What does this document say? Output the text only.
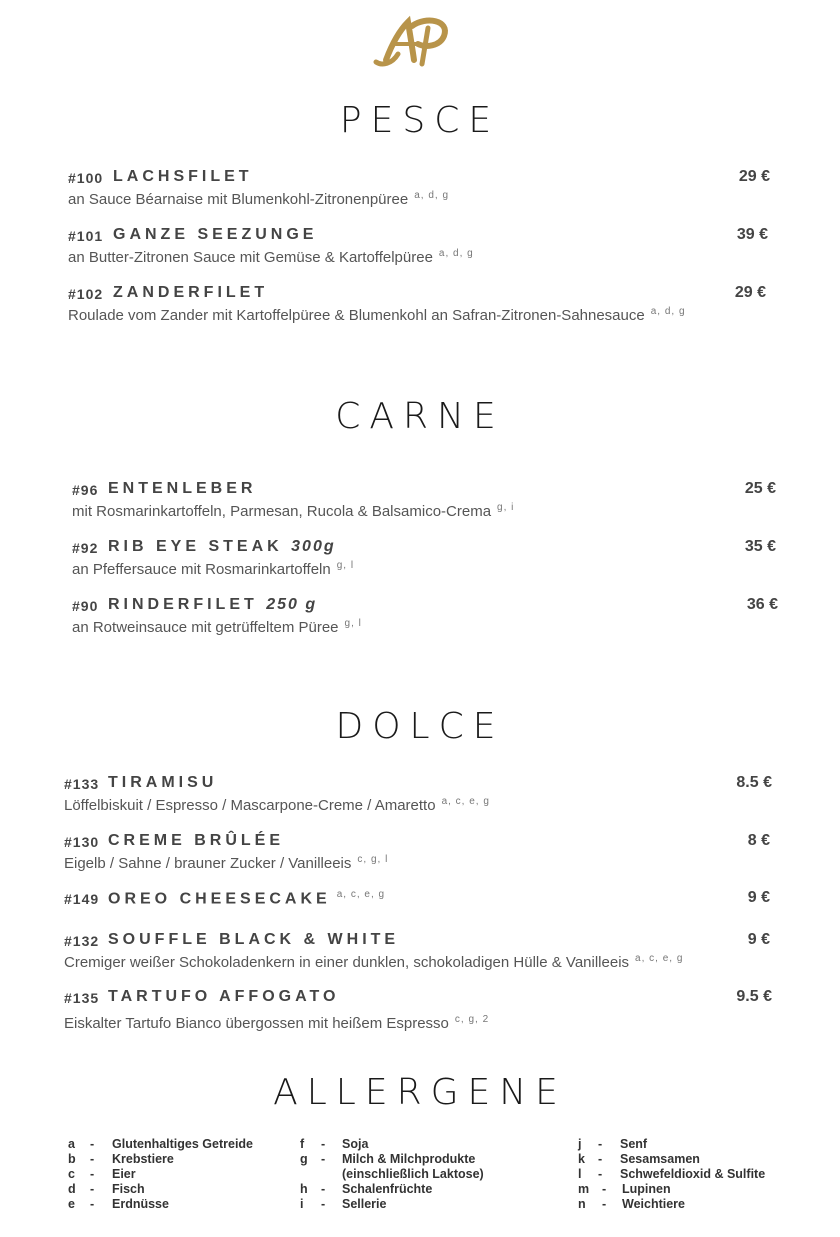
PESCE
#100 LACHSFILET	29 €
an Sauce Béarnaise mit Blumenkohl-Zitronenpüree $^{a, d, g}$
#101 GANZE SEEZUNGE	39 €
an Butter-Zitronen Sauce mit Gemüse & Kartoffelpüree $^{a, d, g}$
#102 ZANDERFILET	29 €
Roulade vom Zander mit Kartoffelpüree & Blumenkohl an Safran-Zitronen-Sahnesauce $^{a, d, g}$
CARNE
#96 ENTENLEBER	25 €
mit Rosmarinkartoffeln, Parmesan, Rucola & Balsamico-Crema $^{g, i}$
#92 RIB EYE STEAK 300g	35 €
an Pfeffersauce mit Rosmarinkartoffeln $^{g, l}$
#90 RINDERFILET 250 g	36 €
an Rotweinsauce mit getrüffeltem Püree $^{g, l}$
DOLCE
#133 TIRAMISU	8.5 €
Löffelbiskuit / Espresso / Mascarpone-Creme / Amaretto $^{a, c, e, g}$
#130 CREME BRÛLÉE	8 €
Eigelb / Sahne / brauner Zucker / Vanilleeis $^{c, g, l}$
#149 OREO CHEESECAKE $^{a, c, e, g}$	9 €
#132 SOUFFLE BLACK & WHITE	9 €
Cremiger weißer Schokoladenkern in einer dunklen, schokoladigen Hülle & Vanilleeis $^{a, c, e, g}$
#135 TARTUFO AFFOGATO	9.5 €
Eiskalter Tartufo Bianco übergossen mit heißem Espresso $^{c, g, 2}$
ALLERGENE
a - Glutenhaltiges Getreide
b - Krebstiere
c - Eier
d - Fisch
e - Erdnüsse
f - Soja
g - Milch & Milchprodukte
(einschließlich Laktose)
h - Schalenfrüchte
i - Sellerie
j - Senf
k - Sesamsamen
l - Schwefeldioxid & Sulfite
m - Lupinen
n - Weichtiere
